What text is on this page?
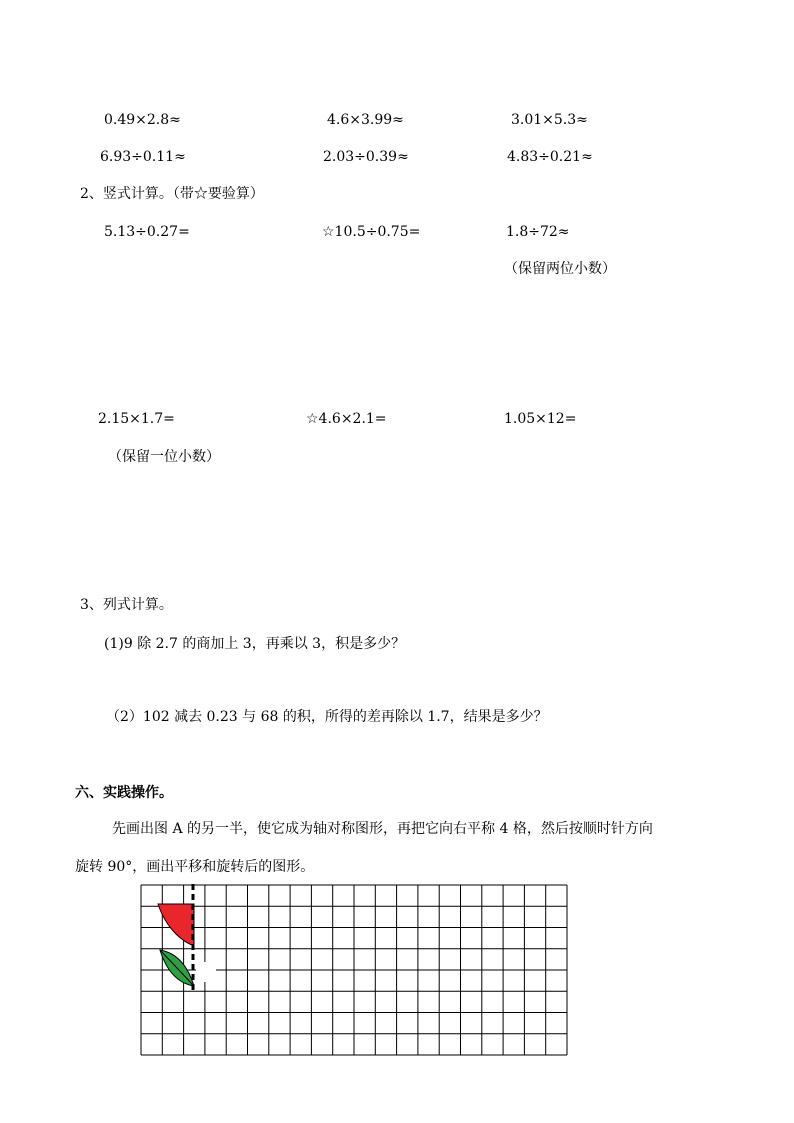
0.49×2.8≈	4.6×3.99≈	3.01×5.3≈
6.93÷0.11≈	2.03÷0.39≈	4.83÷0.21≈
2、竖式计算。（带☆要验算）
5.13÷0.27=	☆10.5÷0.75=	1.8÷72≈
（保留两位小数）
2.15×1.7=	☆4.6×2.1=	1.05×12=
（保留一位小数）
3、列式计算。
(1)9 除 2.7 的商加上 3，再乘以 3，积是多少？
（2）102 减去 0.23 与 68 的积，所得的差再除以 1.7，结果是多少？
六、实践操作。
先画出图 A 的另一半，使它成为轴对称图形，再把它向右平称 4 格，然后按顺时针方向
旋转 90°，画出平移和旋转后的图形。
